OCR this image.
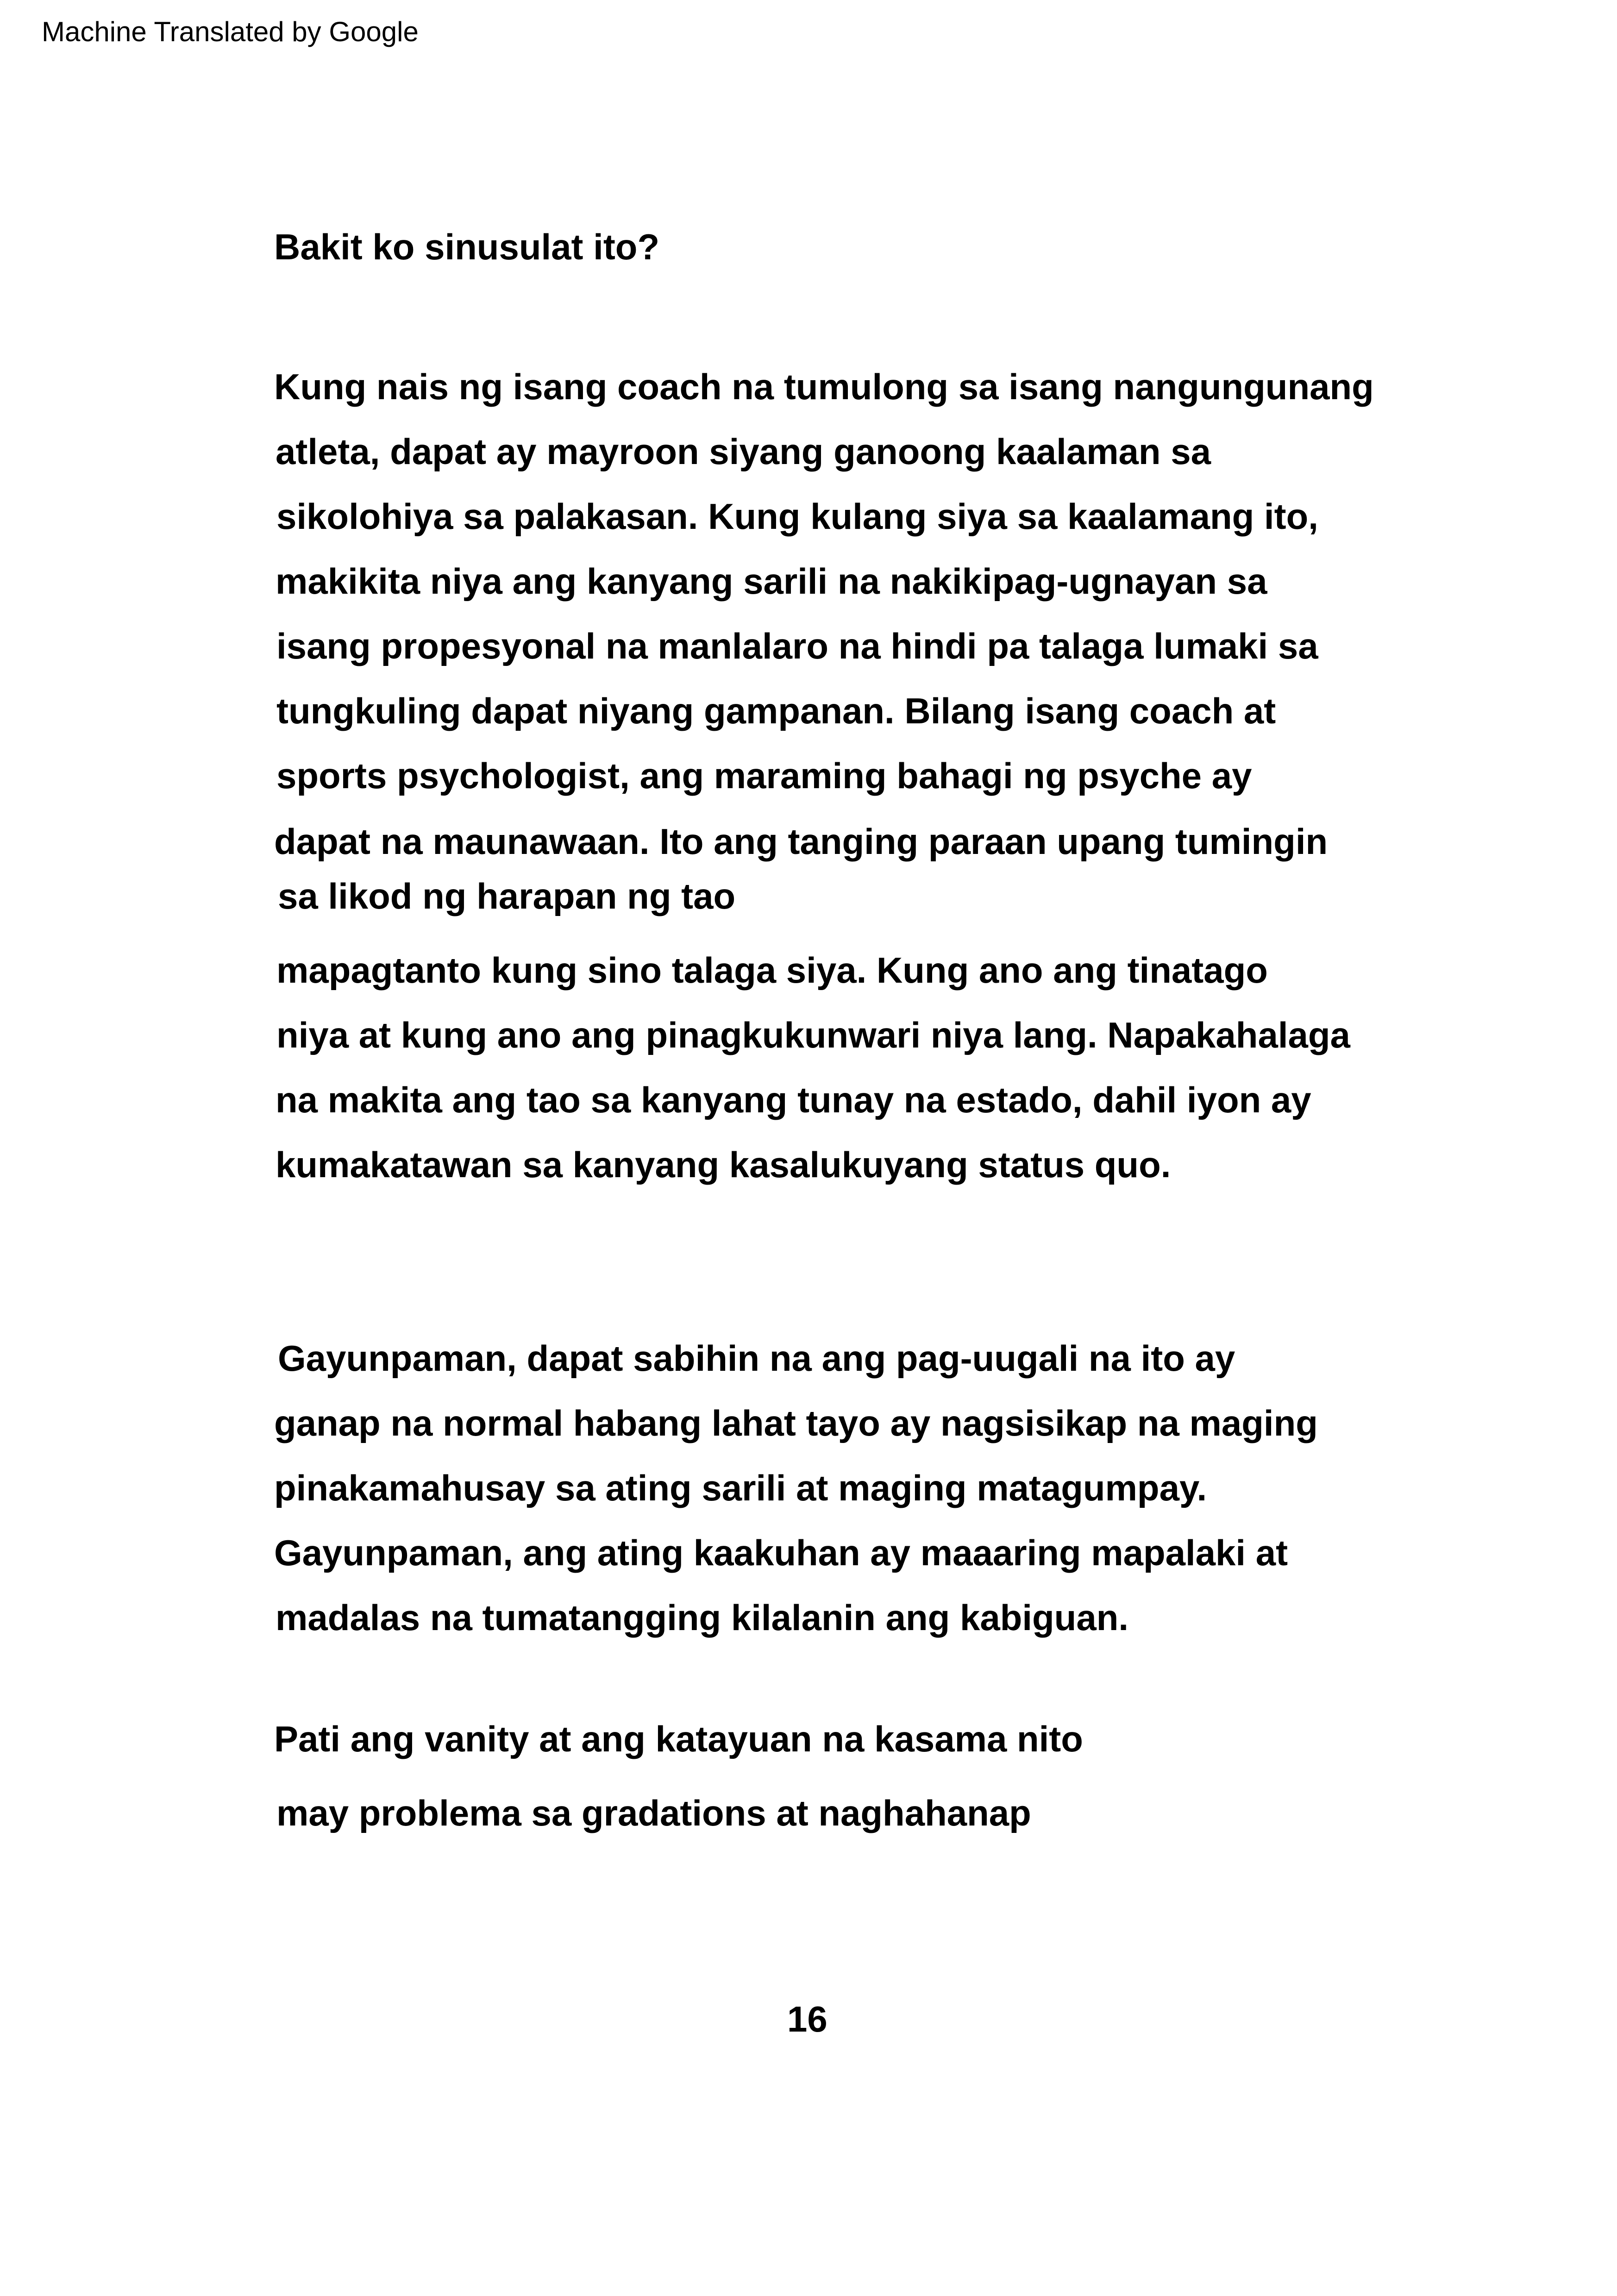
Machine Translated by Google
Bakit ko sinusulat ito?
Kung nais ng isang coach na tumulong sa isang nangungunang
atleta, dapat ay mayroon siyang ganoong kaalaman sa
sikolohiya sa palakasan. Kung kulang siya sa kaalamang ito,
makikita niya ang kanyang sarili na nakikipag-ugnayan sa
isang propesyonal na manlalaro na hindi pa talaga lumaki sa
tungkuling dapat niyang gampanan. Bilang isang coach at
sports psychologist, ang maraming bahagi ng psyche ay
dapat na maunawaan. Ito ang tanging paraan upang tumingin
sa likod ng harapan ng tao
mapagtanto kung sino talaga siya. Kung ano ang tinatago
niya at kung ano ang pinagkukunwari niya lang. Napakahalaga
na makita ang tao sa kanyang tunay na estado, dahil iyon ay
kumakatawan sa kanyang kasalukuyang status quo.
Gayunpaman, dapat sabihin na ang pag-uugali na ito ay
ganap na normal habang lahat tayo ay nagsisikap na maging
pinakamahusay sa ating sarili at maging matagumpay.
Gayunpaman, ang ating kaakuhan ay maaaring mapalaki at
madalas na tumatangging kilalanin ang kabiguan.
Pati ang vanity at ang katayuan na kasama nito
may problema sa gradations at naghahanap
16
